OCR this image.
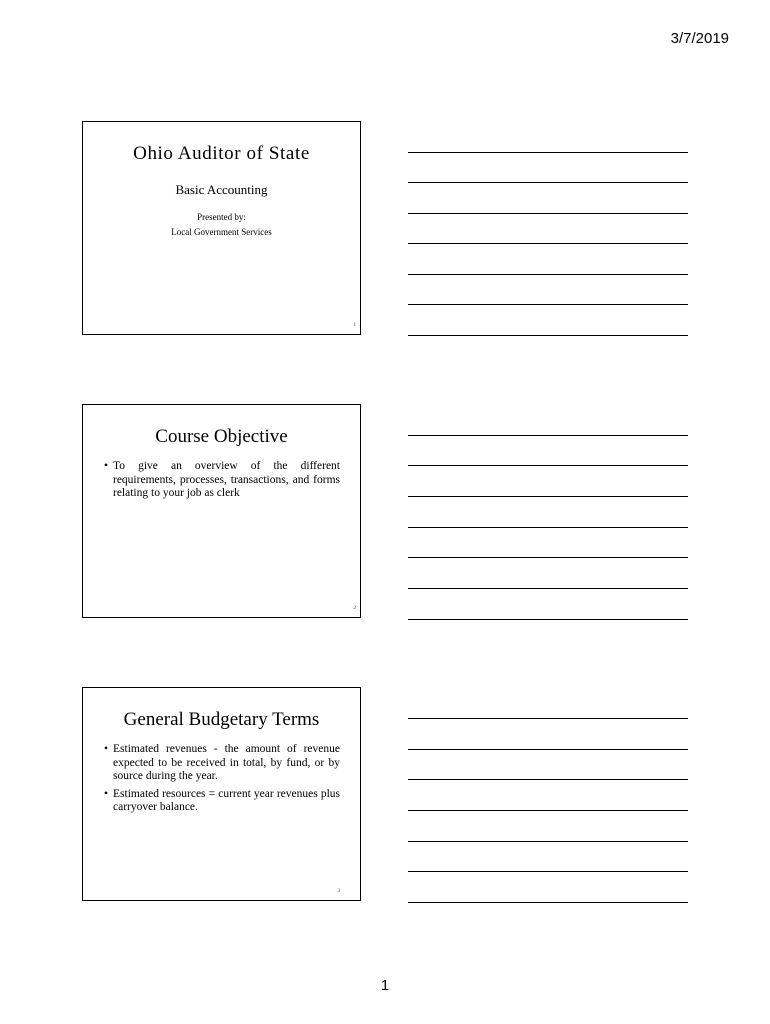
3/7/2019
Ohio Auditor of State
Basic Accounting
Presented by:
Local Government Services
1
Course Objective
• To give an overview of the different requirements, processes, transactions, and forms relating to your job as clerk
2
General Budgetary Terms
• Estimated revenues - the amount of revenue expected to be received in total, by fund, or by source during the year.
• Estimated resources = current year revenues plus carryover balance.
3
1
